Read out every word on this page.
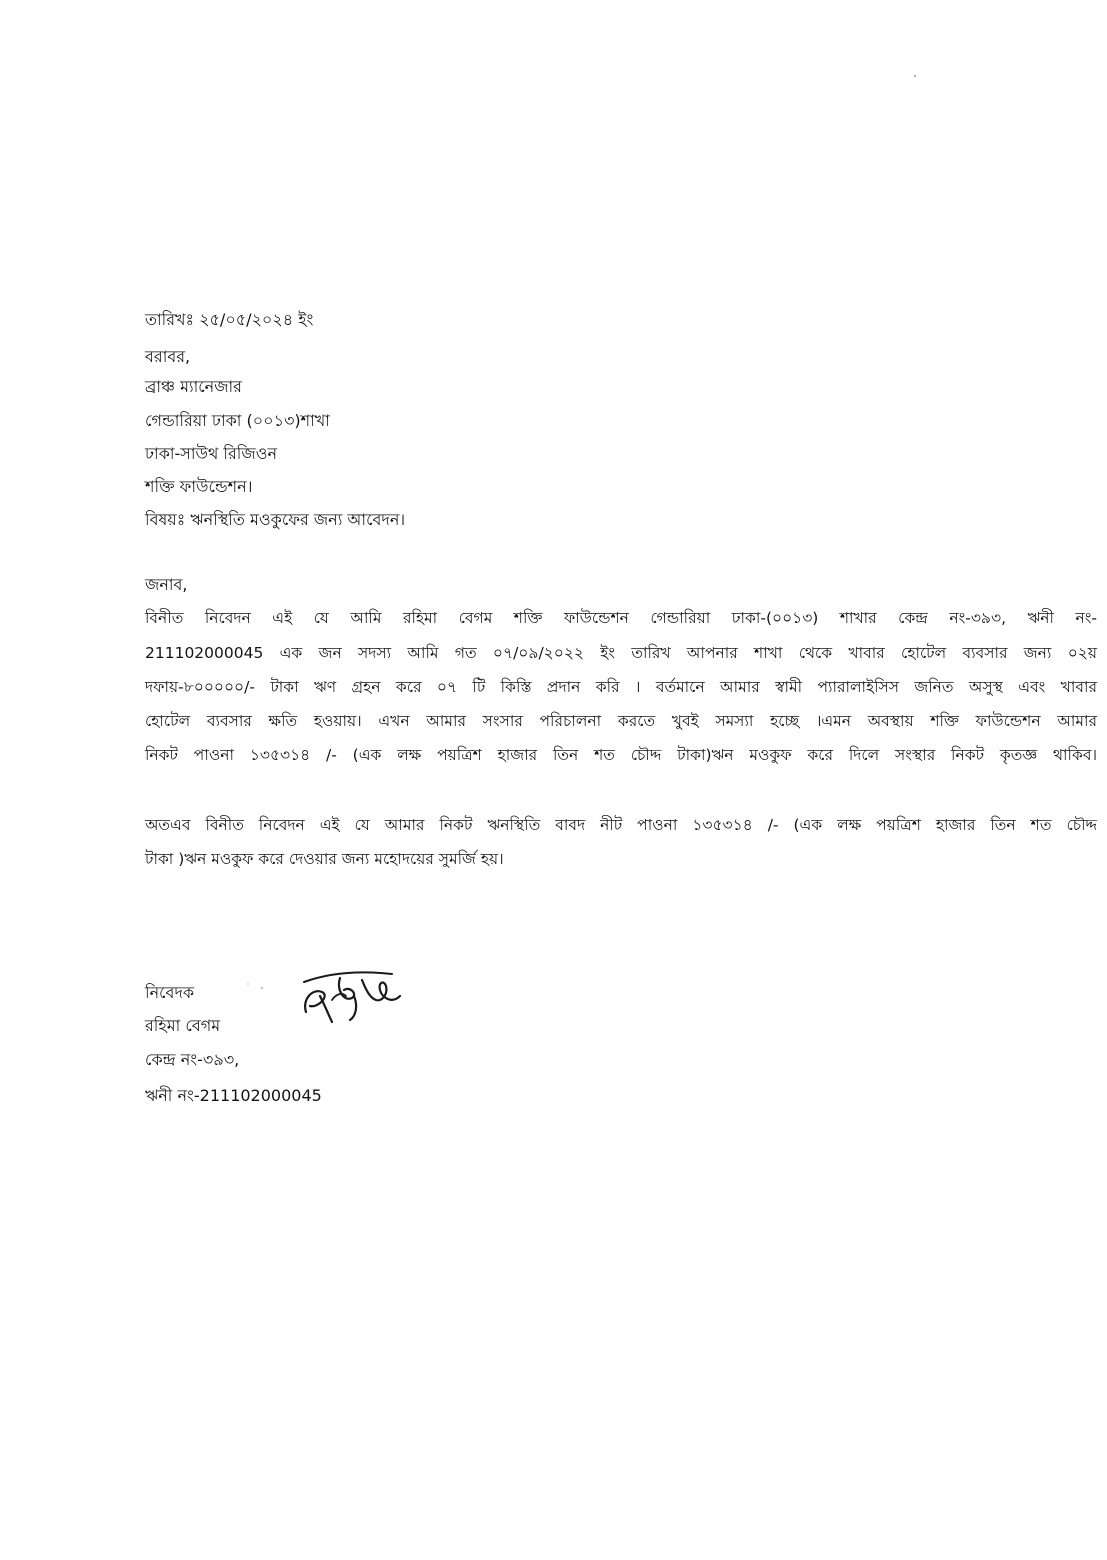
তারিখঃ ২৫/০৫/২০২৪ ইং
বরাবর,
ব্রাঞ্চ ম্যানেজার
গেন্ডারিয়া ঢাকা (০০১৩)শাখা
ঢাকা-সাউথ রিজিওন
শক্তি ফাউন্ডেশন।
বিষয়ঃ ঋনস্থিতি মওকুফের জন্য আবেদন।
জনাব,
বিনীত নিবেদন এই যে আমি রহিমা বেগম শক্তি ফাউন্ডেশন গেন্ডারিয়া ঢাকা-(০০১৩) শাখার কেন্দ্র নং-৩৯৩, ঋনী নং-
211102000045 এক জন সদস্য আমি গত ০৭/০৯/২০২২ ইং তারিখ আপনার শাখা থেকে খাবার হোটেল ব্যবসার জন্য ০২য়
দফায়-৮০০০০০/- টাকা ঋণ গ্রহন করে ০৭ টি কিস্তি প্রদান করি । বর্তমানে আমার স্বামী প্যারালাইসিস জনিত অসুস্থ এবং খাবার
হোটেল ব্যবসার ক্ষতি হওয়ায়। এখন আমার সংসার পরিচালনা করতে খুবই সমস্যা হচ্ছে ।এমন অবস্থায় শক্তি ফাউন্ডেশন আমার
নিকট পাওনা ১৩৫৩১৪ /- (এক লক্ষ পয়ত্রিশ হাজার তিন শত চৌদ্দ টাকা)ঋন মওকুফ করে দিলে সংস্থার নিকট কৃতজ্ঞ থাকিব।
অতএব বিনীত নিবেদন এই যে আমার নিকট ঋনস্থিতি বাবদ নীট পাওনা ১৩৫৩১৪ /- (এক লক্ষ পয়ত্রিশ হাজার তিন শত চৌদ্দ
টাকা )ঋন মওকুফ করে দেওয়ার জন্য মহোদয়ের সুমর্জি হয়।
নিবেদক
রহিমা বেগম
কেন্দ্র নং-৩৯৩,
ঋনী নং-211102000045
